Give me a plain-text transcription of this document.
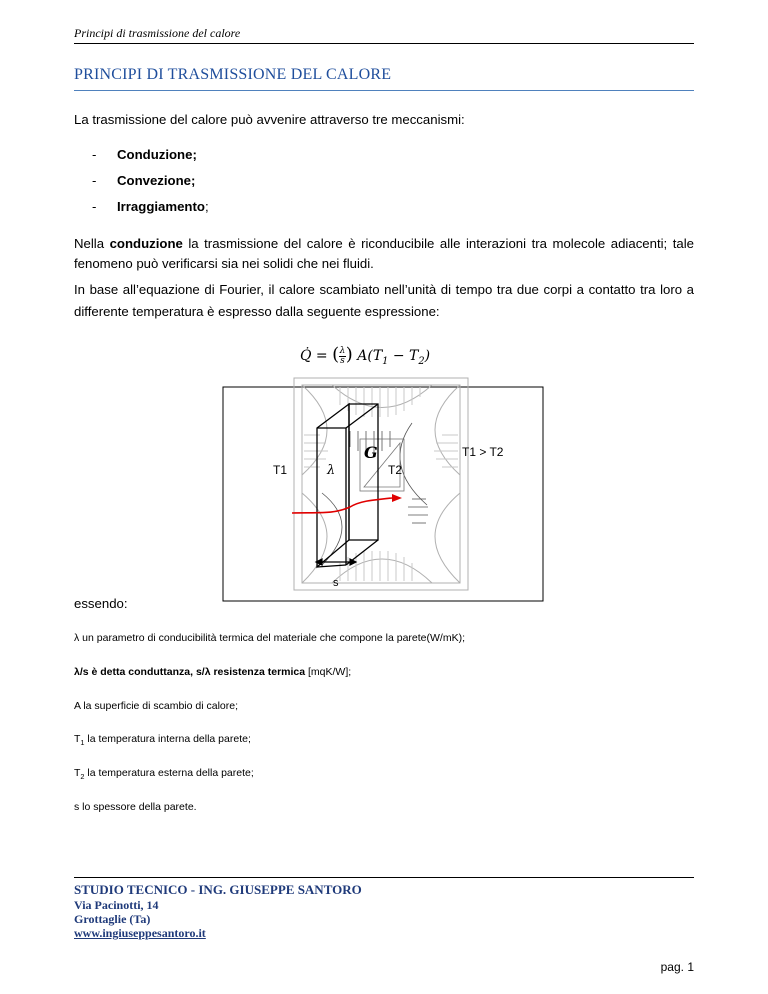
Principi di trasmissione del calore
PRINCIPI DI TRASMISSIONE DEL CALORE
La trasmissione del calore può avvenire attraverso tre meccanismi:
- Conduzione;
- Convezione;
- Irraggiamento;
Nella conduzione la trasmissione del calore è riconducibile alle interazioni tra molecole adiacenti; tale fenomeno può verificarsi sia nei solidi che nei fluidi.
In base all’equazione di Fourier, il calore scambiato nell’unità di tempo tra due corpi a contatto tra loro a differente temperatura è espresso dalla seguente espressione:
Q̇ = $(\frac{\lambda}{s}) A(T_1 - T_2)$
T1	λ	T2
T1 > T2
G
s
essendo:
λ un parametro di conducibilità termica del materiale che compone la parete(W/mK);
λ/s è detta conduttanza, s/λ resistenza termica [mqK/W];
A la superficie di scambio di calore;
$T_1$ la temperatura interna della parete;
$T_2$ la temperatura esterna della parete;
s lo spessore della parete.
STUDIO TECNICO - ING. GIUSEPPE SANTORO
Via Pacinotti, 14
Grottaglie (Ta)
www.ingiuseppesantoro.it
pag. 1
